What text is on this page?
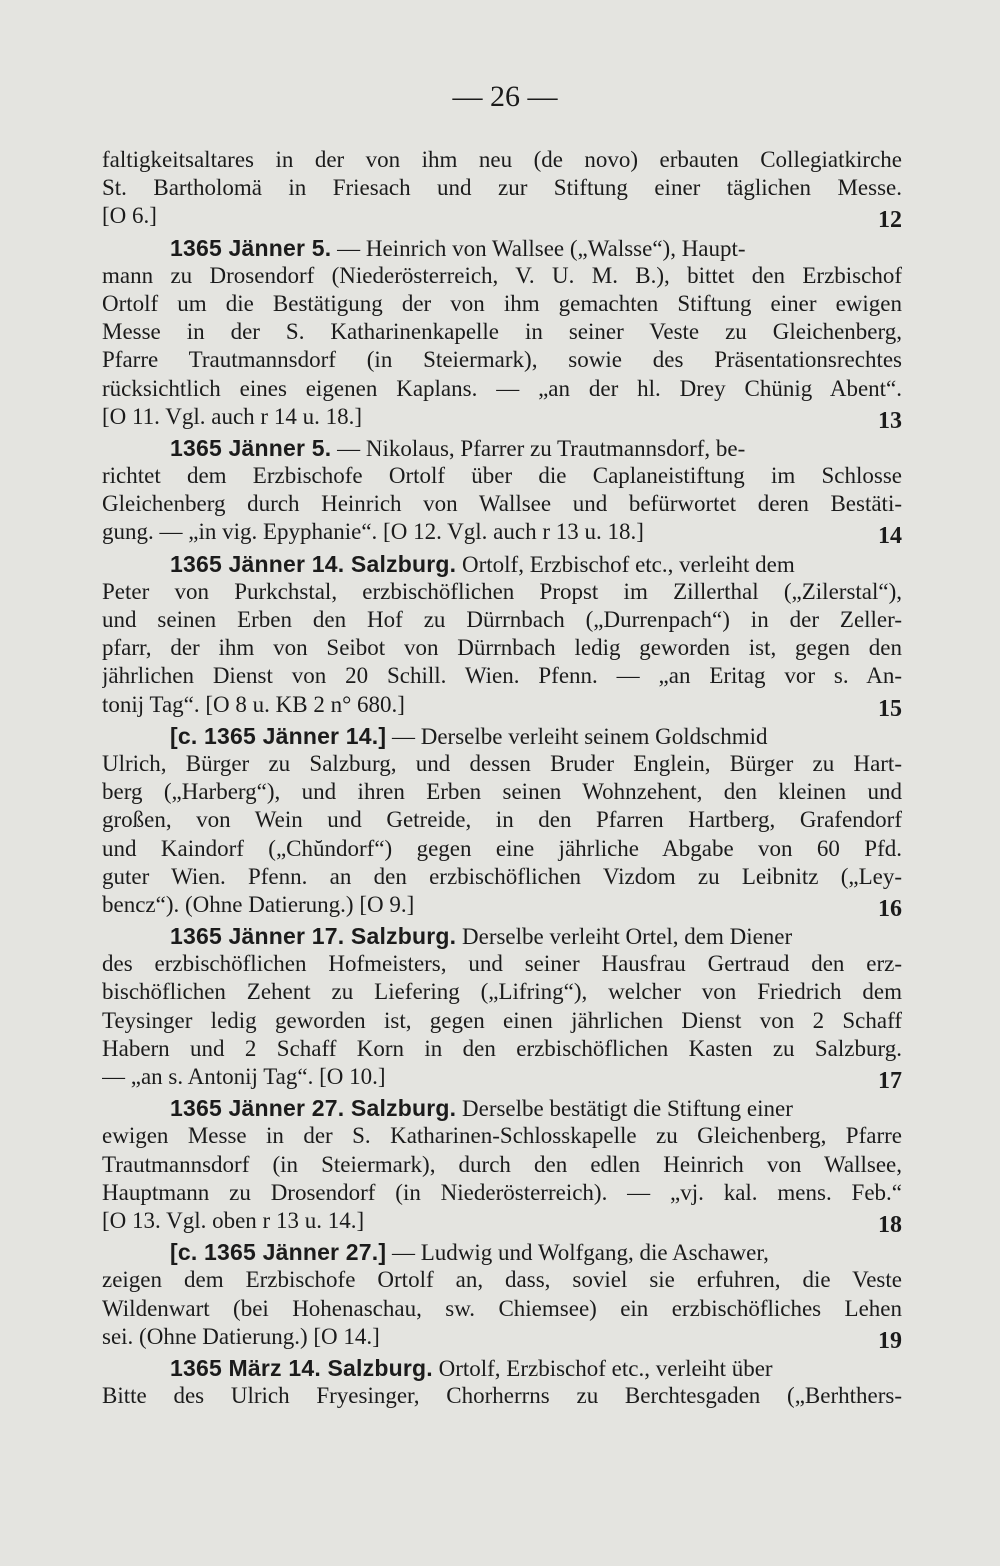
— 26 —
faltigkeitsaltares in der von ihm neu (de novo) erbauten Collegiatkirche
St. Bartholomä in Friesach und zur Stiftung einer täglichen Messe.
[O 6.]	12
1365 Jänner 5. — Heinrich von Wallsee („Walsse“), Haupt-
mann zu Drosendorf (Niederösterreich, V. U. M. B.), bittet den Erzbischof
Ortolf um die Bestätigung der von ihm gemachten Stiftung einer ewigen
Messe in der S. Katharinenkapelle in seiner Veste zu Gleichenberg,
Pfarre Trautmannsdorf (in Steiermark), sowie des Präsentationsrechtes
rücksichtlich eines eigenen Kaplans. — „an der hl. Drey Chünig Abent“.
[O 11. Vgl. auch r 14 u. 18.]	13
1365 Jänner 5. — Nikolaus, Pfarrer zu Trautmannsdorf, be-
richtet dem Erzbischofe Ortolf über die Caplaneistiftung im Schlosse
Gleichenberg durch Heinrich von Wallsee und befürwortet deren Bestäti-
gung. — „in vig. Epyphanie“. [O 12. Vgl. auch r 13 u. 18.]	14
1365 Jänner 14. Salzburg. Ortolf, Erzbischof etc., verleiht dem
Peter von Purkchstal, erzbischöflichen Propst im Zillerthal („Zilerstal“),
und seinen Erben den Hof zu Dürrnbach („Durrenpach“) in der Zeller-
pfarr, der ihm von Seibot von Dürrnbach ledig geworden ist, gegen den
jährlichen Dienst von 20 Schill. Wien. Pfenn. — „an Eritag vor s. An-
tonij Tag“. [O 8 u. KB 2 n° 680.]	15
[c. 1365 Jänner 14.] — Derselbe verleiht seinem Goldschmid
Ulrich, Bürger zu Salzburg, und dessen Bruder Englein, Bürger zu Hart-
berg („Harberg“), und ihren Erben seinen Wohnzehent, den kleinen und
großen, von Wein und Getreide, in den Pfarren Hartberg, Grafendorf
und Kaindorf („Chŭndorf“) gegen eine jährliche Abgabe von 60 Pfd.
guter Wien. Pfenn. an den erzbischöflichen Vizdom zu Leibnitz („Ley-
bencz“). (Ohne Datierung.) [O 9.]	16
1365 Jänner 17. Salzburg. Derselbe verleiht Ortel, dem Diener
des erzbischöflichen Hofmeisters, und seiner Hausfrau Gertraud den erz-
bischöflichen Zehent zu Liefering („Lifring“), welcher von Friedrich dem
Teysinger ledig geworden ist, gegen einen jährlichen Dienst von 2 Schaff
Habern und 2 Schaff Korn in den erzbischöflichen Kasten zu Salzburg.
— „an s. Antonij Tag“. [O 10.]	17
1365 Jänner 27. Salzburg. Derselbe bestätigt die Stiftung einer
ewigen Messe in der S. Katharinen-Schlosskapelle zu Gleichenberg, Pfarre
Trautmannsdorf (in Steiermark), durch den edlen Heinrich von Wallsee,
Hauptmann zu Drosendorf (in Niederösterreich). — „vj. kal. mens. Feb.“
[O 13. Vgl. oben r 13 u. 14.]	18
[c. 1365 Jänner 27.] — Ludwig und Wolfgang, die Aschawer,
zeigen dem Erzbischofe Ortolf an, dass, soviel sie erfuhren, die Veste
Wildenwart (bei Hohenaschau, sw. Chiemsee) ein erzbischöfliches Lehen
sei. (Ohne Datierung.) [O 14.]	19
1365 März 14. Salzburg. Ortolf, Erzbischof etc., verleiht über
Bitte des Ulrich Fryesinger, Chorherrns zu Berchtesgaden („Berhthers-
